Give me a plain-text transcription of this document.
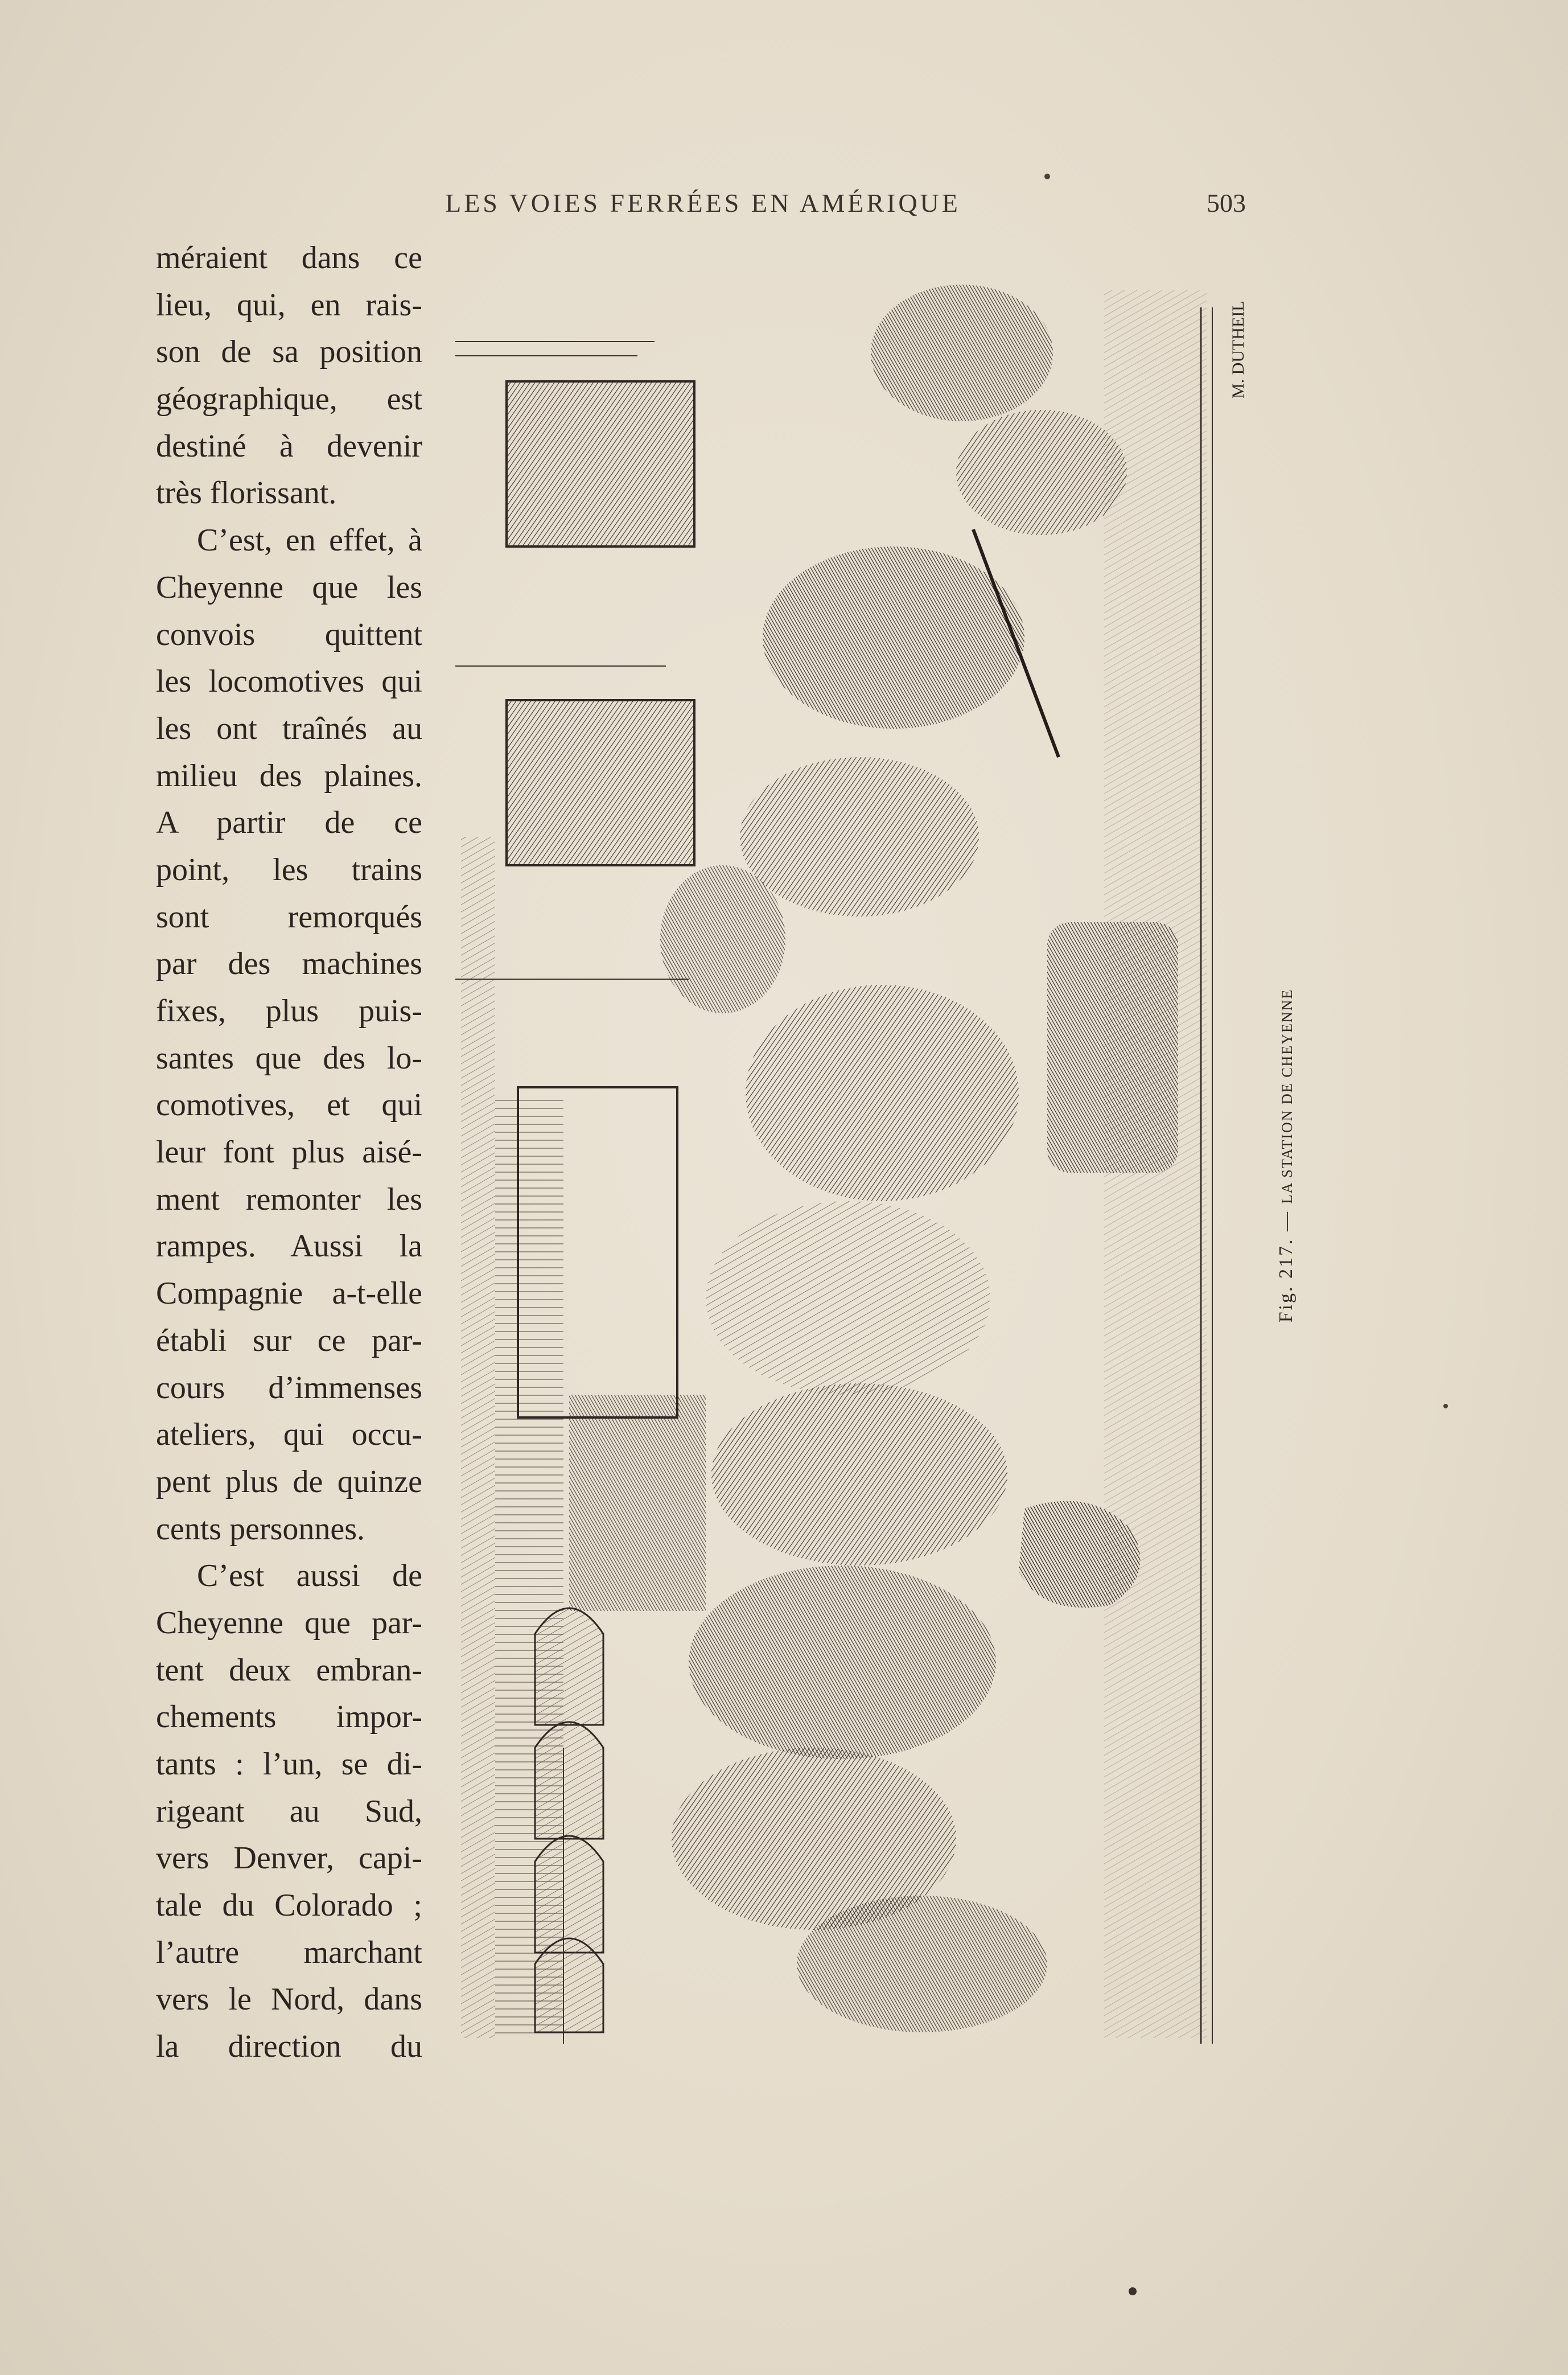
LES VOIES FERRÉES EN AMÉRIQUE	503
méraient dans ce
lieu, qui, en rais-
son de sa position
géographique, est
destiné à devenir
très florissant.
C’est, en effet, à
Cheyenne que les
convois quittent
les locomotives qui
les ont traînés au
milieu des plaines.
A partir de ce
point, les trains
sont remorqués
par des machines
fixes, plus puis-
santes que des lo-
comotives, et qui
leur font plus aisé-
ment remonter les
rampes. Aussi la
Compagnie a-t-elle
établi sur ce par-
cours d’immenses
ateliers, qui occu-
pent plus de quinze
cents personnes.
C’est aussi de
Cheyenne que par-
tent deux embran-
chements impor-
tants : l’un, se di-
rigeant au Sud,
vers Denver, capi-
tale du Colorado ;
l’autre marchant
vers le Nord, dans
la direction du
M. DUTHEIL
Fig. 217. — LA STATION DE CHEYENNE
